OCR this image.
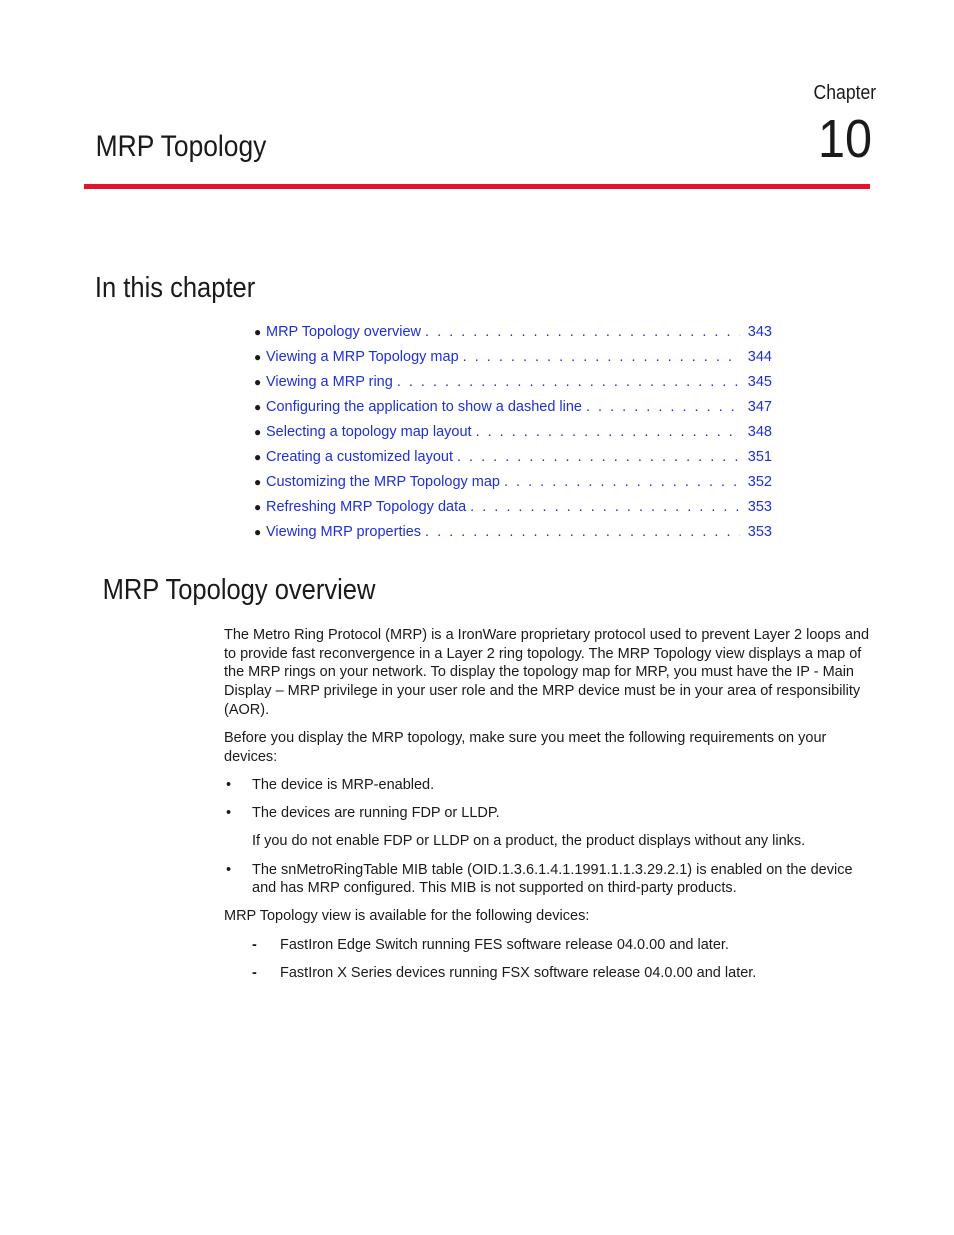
Chapter
10
MRP Topology
In this chapter
● MRP Topology overview . . .	343
● Viewing a MRP Topology map . . .	344
● Viewing a MRP ring . . .	345
● Configuring the application to show a dashed line . . .	347
● Selecting a topology map layout . . .	348
● Creating a customized layout . . .	351
● Customizing the MRP Topology map . . .	352
● Refreshing MRP Topology data . . .	353
● Viewing MRP properties . . .	353
MRP Topology overview

The Metro Ring Protocol (MRP) is a IronWare proprietary protocol used to prevent Layer 2 loops and to provide fast reconvergence in a Layer 2 ring topology. The MRP Topology view displays a map of the MRP rings on your network. To display the topology map for MRP, you must have the IP - Main Display – MRP privilege in your user role and the MRP device must be in your area of responsibility (AOR).

Before you display the MRP topology, make sure you meet the following requirements on your devices:

• The device is MRP-enabled.

• The devices are running FDP or LLDP.

If you do not enable FDP or LLDP on a product, the product displays without any links.

• The snMetroRingTable MIB table (OID.1.3.6.1.4.1.1991.1.1.3.29.2.1) is enabled on the device and has MRP configured. This MIB is not supported on third-party products.

MRP Topology view is available for the following devices:

- FastIron Edge Switch running FES software release 04.0.00 and later.

- FastIron X Series devices running FSX software release 04.0.00 and later.
